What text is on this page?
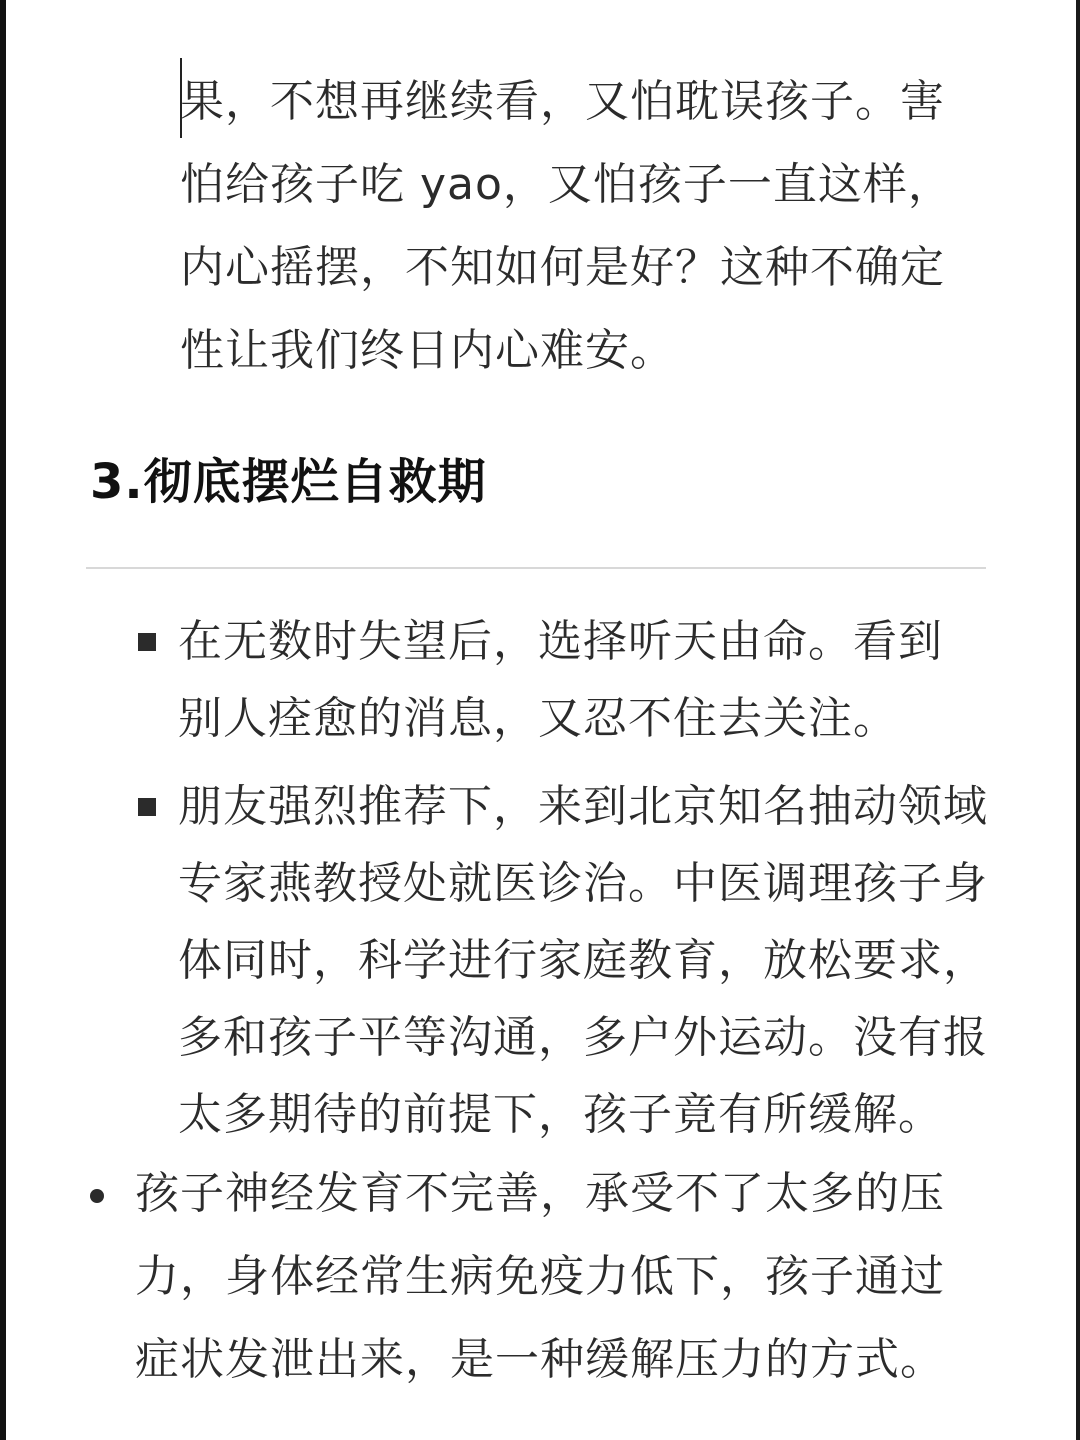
果，不想再继续看，又怕耽误孩子。害
怕给孩子吃 yao，又怕孩子一直这样，
内心摇摆，不知如何是好？这种不确定
性让我们终日内心难安。
3.彻底摆烂自救期
在无数时失望后，选择听天由命。看到
别人痊愈的消息，又忍不住去关注。
朋友强烈推荐下，来到北京知名抽动领域
专家燕教授处就医诊治。中医调理孩子身
体同时，科学进行家庭教育，放松要求，
多和孩子平等沟通，多户外运动。没有报
太多期待的前提下，孩子竟有所缓解。
孩子神经发育不完善，承受不了太多的压
力，身体经常生病免疫力低下，孩子通过
症状发泄出来，是一种缓解压力的方式。
